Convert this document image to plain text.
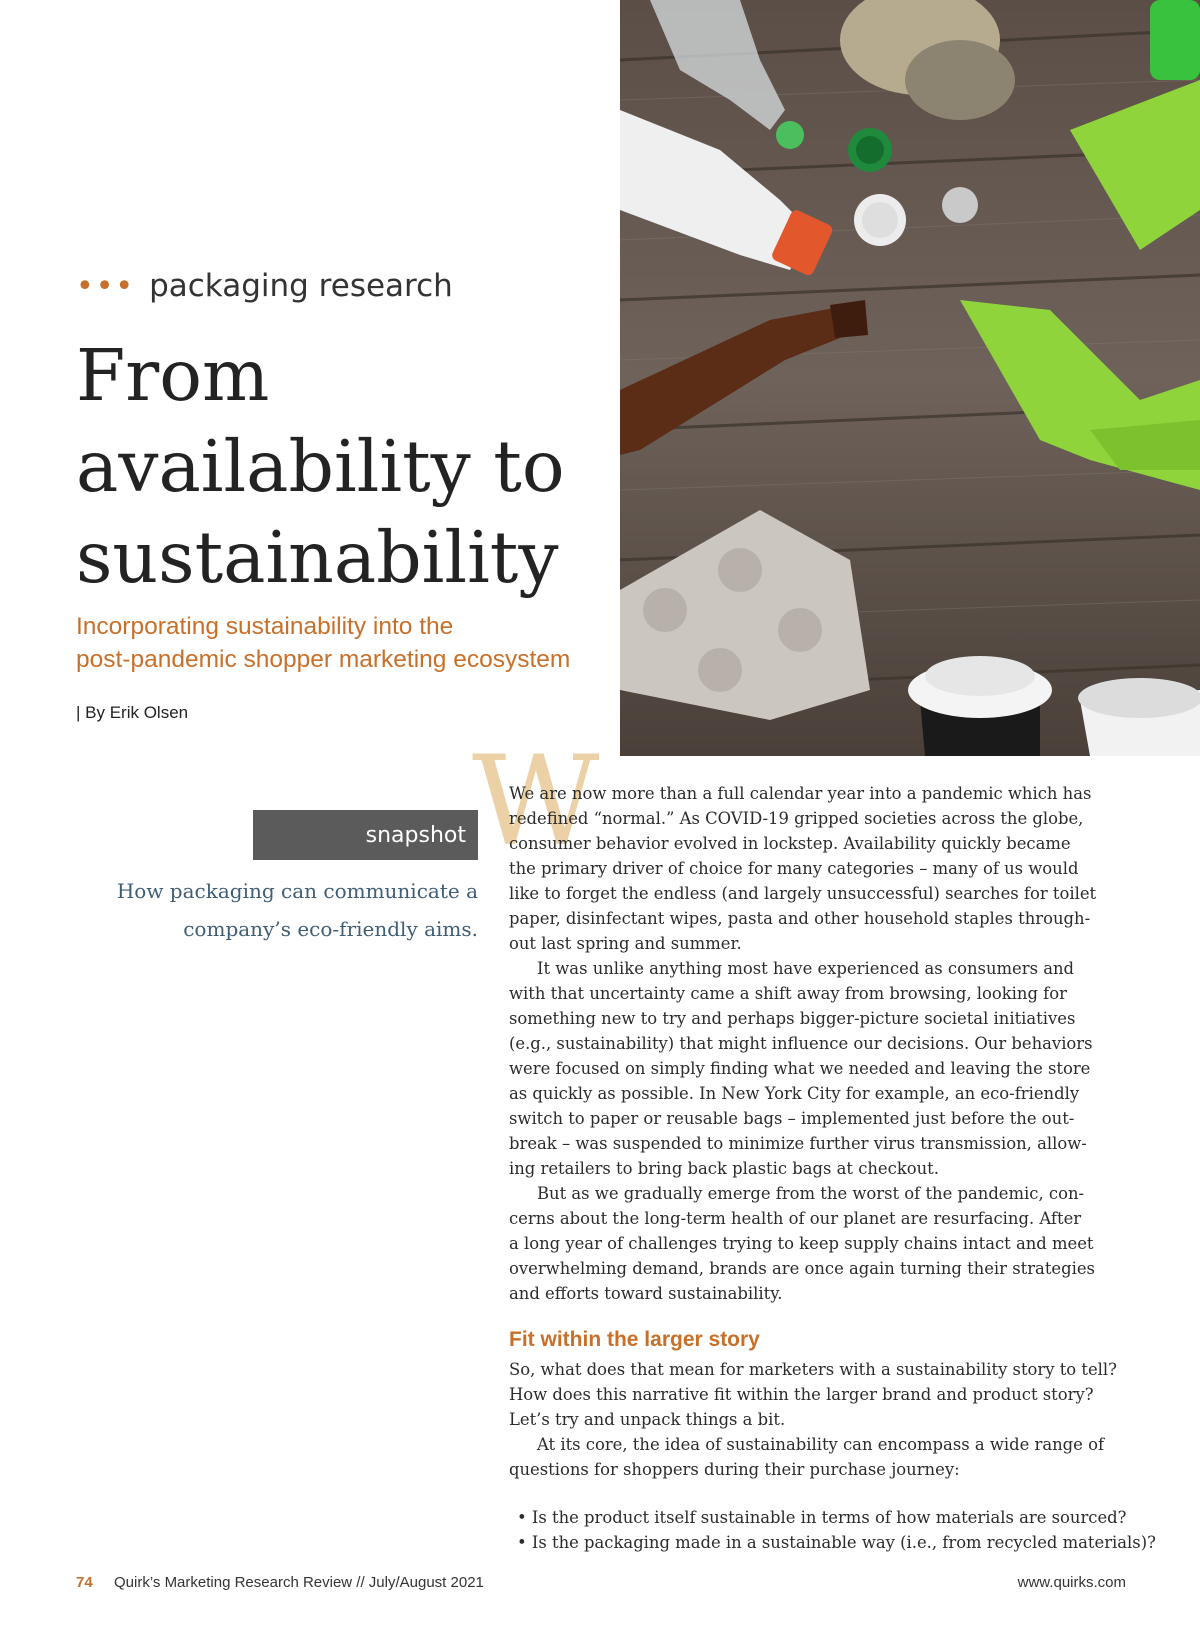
••• packaging research
From
availability to
sustainability
Incorporating sustainability into the
post-pandemic shopper marketing ecosystem
| By Erik Olsen
snapshot
How packaging can communicate a
company’s eco-friendly aims.
W
We are now more than a full calendar year into a pandemic which has
redefined “normal.” As COVID-19 gripped societies across the globe,
consumer behavior evolved in lockstep. Availability quickly became
the primary driver of choice for many categories – many of us would
like to forget the endless (and largely unsuccessful) searches for toilet
paper, disinfectant wipes, pasta and other household staples through-
out last spring and summer.
It was unlike anything most have experienced as consumers and
with that uncertainty came a shift away from browsing, looking for
something new to try and perhaps bigger-picture societal initiatives
(e.g., sustainability) that might influence our decisions. Our behaviors
were focused on simply finding what we needed and leaving the store
as quickly as possible. In New York City for example, an eco-friendly
switch to paper or reusable bags – implemented just before the out-
break – was suspended to minimize further virus transmission, allow-
ing retailers to bring back plastic bags at checkout.
But as we gradually emerge from the worst of the pandemic, con-
cerns about the long-term health of our planet are resurfacing. After
a long year of challenges trying to keep supply chains intact and meet
overwhelming demand, brands are once again turning their strategies
and efforts toward sustainability.
Fit within the larger story
So, what does that mean for marketers with a sustainability story to tell?
How does this narrative fit within the larger brand and product story?
Let’s try and unpack things a bit.
At its core, the idea of sustainability can encompass a wide range of
questions for shoppers during their purchase journey:
• Is the product itself sustainable in terms of how materials are sourced?
• Is the packaging made in a sustainable way (i.e., from recycled materials)?
74 Quirk’s Marketing Research Review // July/August 2021	www.quirks.com
